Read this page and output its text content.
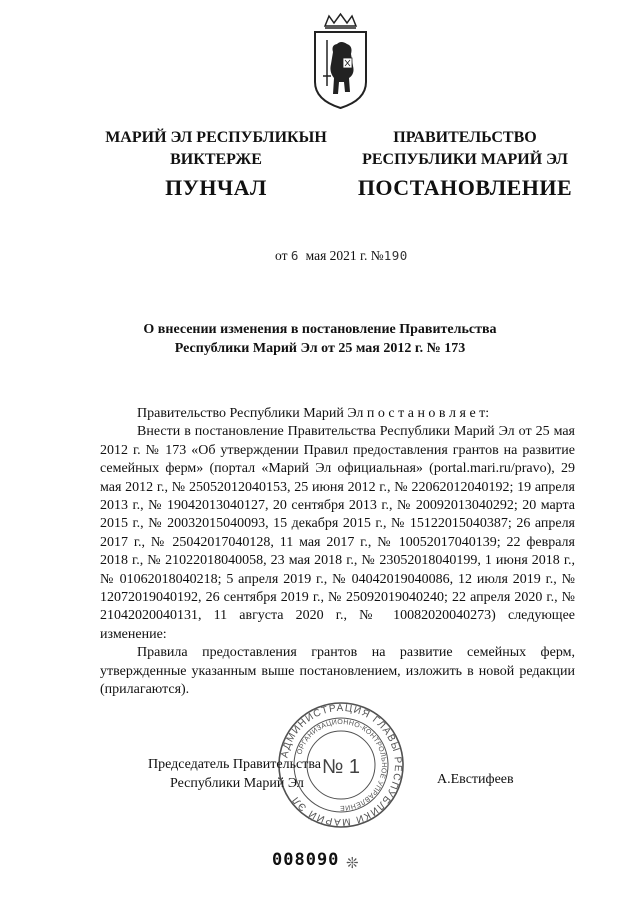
МАРИЙ ЭЛ РЕСПУБЛИКЫН
ВИКТЕРЖЕ
ПРАВИТЕЛЬСТВО
РЕСПУБЛИКИ МАРИЙ ЭЛ
ПУНЧАЛ	ПОСТАНОВЛЕНИЕ
от 6 мая 2021 г. №190
О внесении изменения в постановление Правительства
Республики Марий Эл от 25 мая 2012 г. № 173

Правительство Республики Марий Эл п о с т а н о в л я е т:

Внести в постановление Правительства Республики Марий Эл от 25 мая 2012 г. № 173 «Об утверждении Правил предоставления грантов на развитие семейных ферм» (портал «Марий Эл официальная» (portal.mari.ru/pravo), 29 мая 2012 г., № 25052012040153, 25 июня 2012 г., № 22062012040192; 19 апреля 2013 г., № 19042013040127, 20 сентября 2013 г., № 20092013040292; 20 марта 2015 г., № 20032015040093, 15 декабря 2015 г., № 15122015040387; 26 апреля 2017 г., № 25042017040128, 11 мая 2017 г., № 10052017040139; 22 февраля 2018 г., № 21022018040058, 23 мая 2018 г., № 23052018040199, 1 июня 2018 г., № 01062018040218; 5 апреля 2019 г., № 04042019040086, 12 июля 2019 г., № 12072019040192, 26 сентября 2019 г., № 25092019040240; 22 апреля 2020 г., № 21042020040131, 11 августа 2020 г., № 10082020040273) следующее изменение:

Правила предоставления грантов на развитие семейных ферм, утвержденные указанным выше постановлением, изложить в новой редакции (прилагаются).

Председатель Правительства
Республики Марий Эл	А.Евстифеев
АДМИНИСТРАЦИЯ ГЛАВЫ РЕСПУБЛИКИ МАРИЙ ЭЛ
ОРГАНИЗАЦИОННО-КОНТРОЛЬНОЕ УПРАВЛЕНИЕ
№ 1
008090 ❊
